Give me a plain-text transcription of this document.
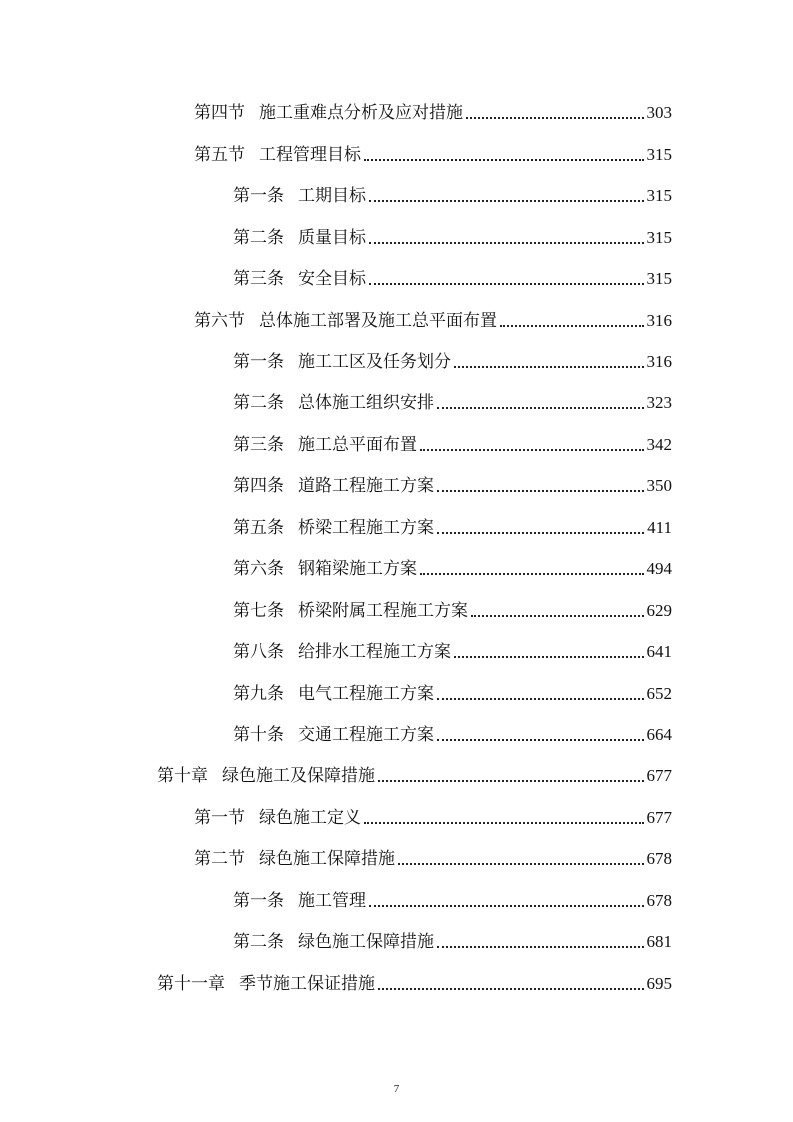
第四节 施工重难点分析及应对措施	303
第五节 工程管理目标	315
第一条 工期目标	315
第二条 质量目标	315
第三条 安全目标	315
第六节 总体施工部署及施工总平面布置	316
第一条 施工工区及任务划分	316
第二条 总体施工组织安排	323
第三条 施工总平面布置	342
第四条 道路工程施工方案	350
第五条 桥梁工程施工方案	411
第六条 钢箱梁施工方案	494
第七条 桥梁附属工程施工方案	629
第八条 给排水工程施工方案	641
第九条 电气工程施工方案	652
第十条 交通工程施工方案	664
第十章 绿色施工及保障措施	677
第一节 绿色施工定义	677
第二节 绿色施工保障措施	678
第一条 施工管理	678
第二条 绿色施工保障措施	681
第十一章 季节施工保证措施	695
7
